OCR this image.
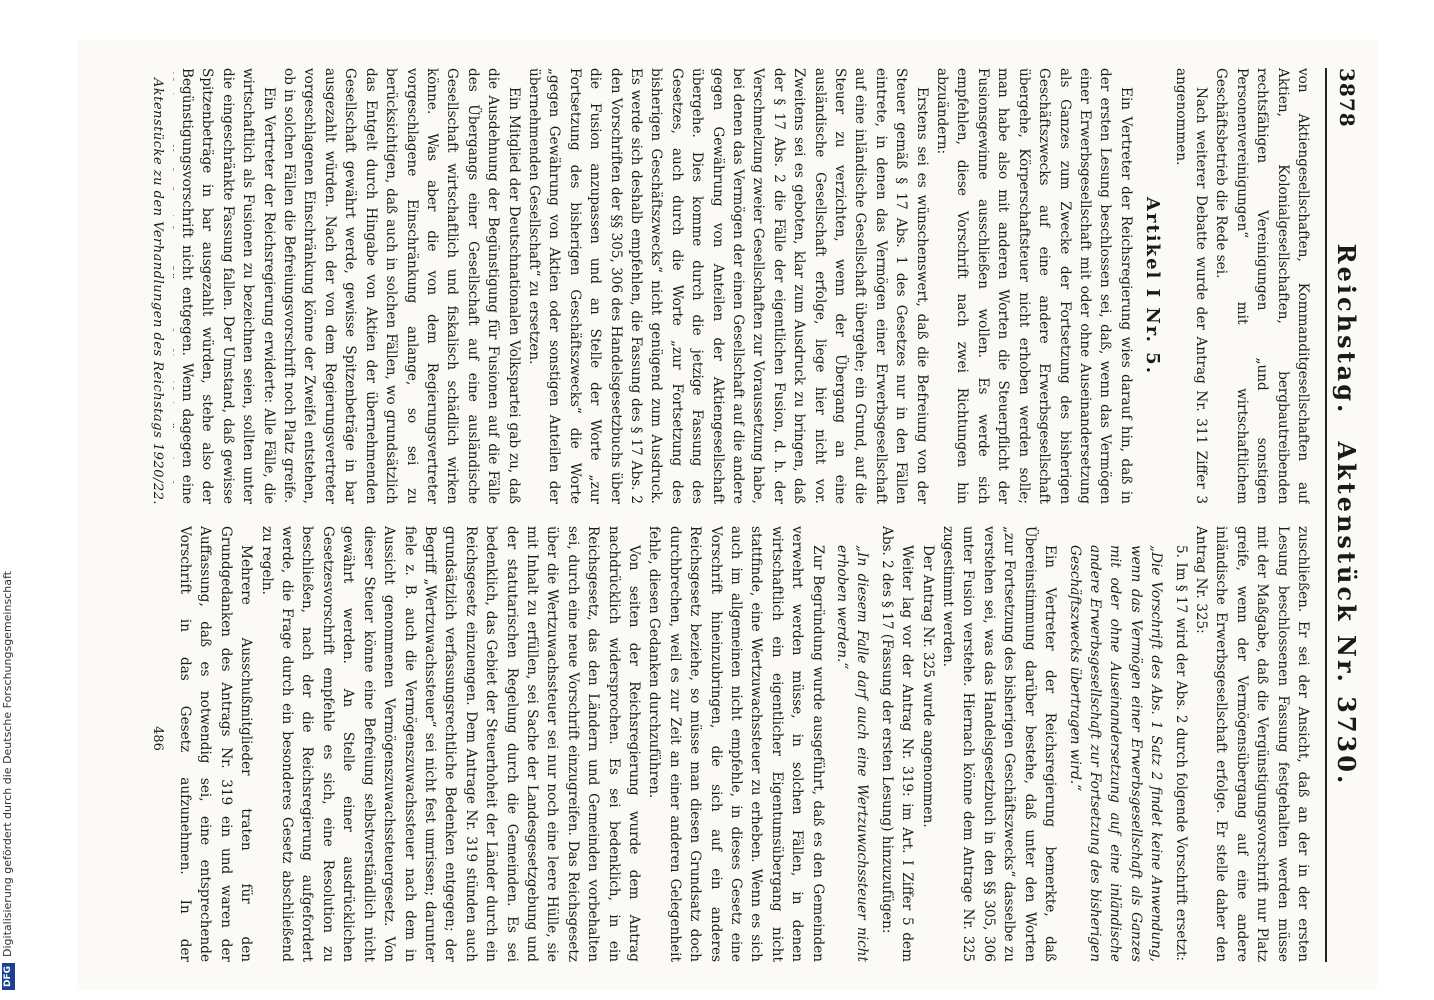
3878
Reichstag.Aktenstück Nr. 3730.

von Aktiengesellschaften, Kommanditgesellschaften auf Aktien, Kolonialgesellschaften, bergbautreibenden rechtsfähigen Vereinigungen „und sonstigen Personenvereinigungen“ mit wirtschaftlichem Geschäftsbetrieb die Rede sei.

Nach weiterer Debatte wurde der Antrag Nr. 311 Ziffer 3 angenommen.

Artikel I Nr. 5.

Ein Vertreter der Reichsregierung wies darauf hin, daß in der ersten Lesung beschlossen sei, daß, wenn das Vermögen einer Erwerbsgesellschaft mit oder ohne Auseinandersetzung als Ganzes zum Zwecke der Fortsetzung des bisherigen Geschäftszwecks auf eine andere Erwerbsgesellschaft übergehe, Körperschaftsteuer nicht erhoben werden solle; man habe also mit anderen Worten die Steuerpflicht der Fusionsgewinne ausschließen wollen. Es werde sich empfehlen, diese Vorschrift nach zwei Richtungen hin abzuändern:

Erstens sei es wünschenswert, daß die Befreiung von der Steuer gemäß § 17 Abs. 1 des Gesetzes nur in den Fällen eintrete, in denen das Vermögen einer Erwerbsgesellschaft auf eine inländische Gesellschaft übergehe; ein Grund, auf die Steuer zu verzichten, wenn der Übergang an eine ausländische Gesellschaft erfolge, liege hier nicht vor. Zweitens sei es geboten, klar zum Ausdruck zu bringen, daß der § 17 Abs. 2 die Fälle der eigentlichen Fusion, d. h. der Verschmelzung zweier Gesellschaften zur Voraussetzung habe, bei denen das Vermögen der einen Gesellschaft auf die andere gegen Gewährung von Anteilen der Aktiengesellschaft übergehe. Dies komme durch die jetzige Fassung des Gesetzes, auch durch die Worte „zur Fortsetzung des bisherigen Geschäftszwecks“ nicht genügend zum Ausdruck. Es werde sich deshalb empfehlen, die Fassung des § 17 Abs. 2 den Vorschriften der §§ 305, 306 des Handelsgesetzbuchs über die Fusion anzupassen und an Stelle der Worte „zur Fortsetzung des bisherigen Geschäftszwecks“ die Worte „gegen Gewährung von Aktien oder sonstigen Anteilen der übernehmenden Gesellschaft“ zu ersetzen.

Ein Mitglied der Deutschnationalen Volkspartei gab zu, daß die Ausdehnung der Begünstigung für Fusionen auf die Fälle des Übergangs einer Gesellschaft auf eine ausländische Gesellschaft wirtschaftlich und fiskalisch schädlich wirken könne. Was aber die von dem Regierungsvertreter vorgeschlagene Einschränkung anlange, so sei zu berücksichtigen, daß auch in solchen Fällen, wo grundsätzlich das Entgelt durch Hingabe von Aktien der übernehmenden Gesellschaft gewährt werde, gewisse Spitzenbeträge in bar ausgezahlt würden. Nach der von dem Regierungsvertreter vorgeschlagenen Einschränkung könne der Zweifel entstehen, ob in solchen Fällen die Befreiungsvorschrift noch Platz greife.

Ein Vertreter der Reichsregierung erwiderte: Alle Fälle, die wirtschaftlich als Fusionen zu bezeichnen seien, sollten unter die eingeschränkte Fassung fallen. Der Umstand, daß gewisse Spitzenbeträge in bar ausgezahlt würden, stehe also der Begünstigungsvorschrift nicht entgegen. Wenn dagegen eine

zuschließen. Er sei der Ansicht, daß an der in der ersten Lesung beschlossenen Fassung festgehalten werden müsse mit der Maßgabe, daß die Vergünstigungsvorschrift nur Platz greife, wenn der Vermögensübergang auf eine andere inländische Erwerbsgesellschaft erfolge. Er stelle daher den Antrag Nr. 325:

5. Im § 17 wird der Abs. 2 durch folgende Vorschrift ersetzt:

„Die Vorschrift des Abs. 1 Satz 2 findet keine Anwendung, wenn das Vermögen einer Erwerbsgesellschaft als Ganzes mit oder ohne Auseinandersetzung auf eine inländische andere Erwerbsgesellschaft zur Fortsetzung des bisherigen Geschäftszwecks übertragen wird.“

Ein Vertreter der Reichsregierung bemerkte, daß Übereinstimmung darüber bestehe, daß unter den Worten „zur Fortsetzung des bisherigen Geschäftszwecks“ dasselbe zu verstehen sei, was das Handelsgesetzbuch in den §§ 305, 306 unter Fusion verstehe. Hiernach könne dem Antrage Nr. 325 zugestimmt werden.

Der Antrag Nr. 325 wurde angenommen.

Weiter lag vor der Antrag Nr. 319: im Art. I Ziffer 5 dem Abs. 2 des § 17 (Fassung der ersten Lesung) hinzuzufügen:

„In diesem Falle darf auch eine Wertzuwachssteuer nicht erhoben werden.“

Zur Begründung wurde ausgeführt, daß es den Gemeinden verwehrt werden müsse, in solchen Fällen, in denen wirtschaftlich ein eigentlicher Eigentumsübergang nicht stattfinde, eine Wertzuwachssteuer zu erheben. Wenn es sich auch im allgemeinen nicht empfehle, in dieses Gesetz eine Vorschrift hineinzubringen, die sich auf ein anderes Reichsgesetz beziehe, so müsse man diesen Grundsatz doch durchbrechen, weil es zur Zeit an einer anderen Gelegenheit fehle, diesen Gedanken durchzuführen.

Von seiten der Reichsregierung wurde dem Antrag nachdrücklich widersprochen. Es sei bedenklich, in ein Reichsgesetz, das den Ländern und Gemeinden vorbehalten sei, durch eine neue Vorschrift einzugreifen. Das Reichsgesetz über die Wertzuwachssteuer sei nur noch eine leere Hülle, sie mit Inhalt zu erfüllen, sei Sache der Landesgesetzgebung und der statutarischen Regelung durch die Gemeinden. Es sei bedenklich, das Gebiet der Steuerhoheit der Länder durch ein Reichsgesetz einzuengen. Dem Antrage Nr. 319 stünden auch grundsätzlich verfassungsrechtliche Bedenken entgegen; der Begriff „Wertzuwachssteuer“ sei nicht fest umrissen; darunter fiele z. B. auch die Vermögenszuwachssteuer nach dem in Aussicht genommenen Vermögenszuwachssteuergesetz. Von dieser Steuer könne eine Befreiung selbstverständlich nicht gewährt werden. An Stelle einer ausdrücklichen Gesetzesvorschrift empfehle es sich, eine Resolution zu beschließen, nach der die Reichsregierung aufgefordert werde, die Frage durch ein besonderes Gesetz abschließend zu regeln.

Mehrere Ausschußmitglieder traten für den Grundgedanken des Antrags Nr. 319 ein und waren der Auffassung, daß es notwendig sei, eine entsprechende Vorschrift in das Gesetz aufzunehmen. In der

Aktenstücke zu den Verhandlungen des Reichstags 1920/22.
486
DFG
Digitalisierung gefördert durch die Deutsche Forschungsgemeinschaft
